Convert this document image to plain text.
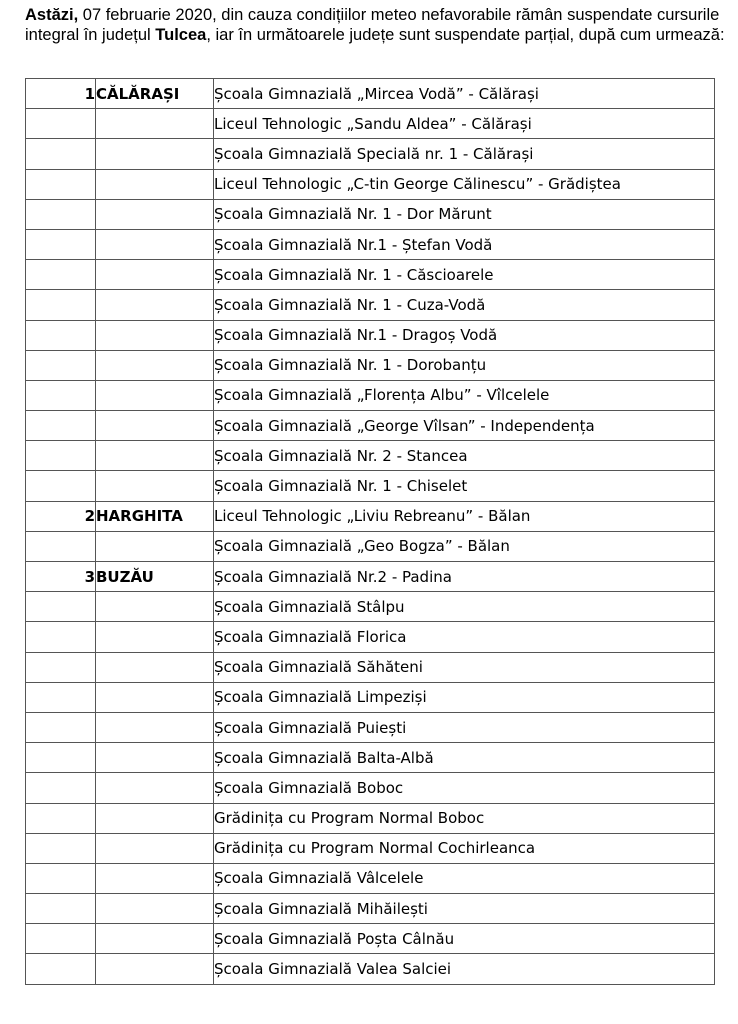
Astăzi, 07 februarie 2020, din cauza condițiilor meteo nefavorabile rămân suspendate cursurile integral în județul Tulcea, iar în următoarele județe sunt suspendate parțial, după cum urmează:

1	CĂLĂRAȘI	Școala Gimnazială „Mircea Vodă” - Călărași
		Liceul Tehnologic „Sandu Aldea” - Călărași
		Școala Gimnazială Specială nr. 1 - Călărași
		Liceul Tehnologic „C-tin George Călinescu” - Grădiștea
		Școala Gimnazială Nr. 1 - Dor Mărunt
		Școala Gimnazială Nr.1 - Ștefan Vodă
		Școala Gimnazială Nr. 1 - Căscioarele
		Școala Gimnazială Nr. 1 - Cuza-Vodă
		Școala Gimnazială Nr.1 - Dragoș Vodă
		Școala Gimnazială Nr. 1 - Dorobanțu
		Școala Gimnazială „Florența Albu” - Vîlcelele
		Școala Gimnazială „George Vîlsan” - Independența
		Școala Gimnazială Nr. 2 - Stancea
		Școala Gimnazială Nr. 1 - Chiselet
2	HARGHITA	Liceul Tehnologic „Liviu Rebreanu” - Bălan
		Școala Gimnazială „Geo Bogza” - Bălan
3	BUZĂU	Școala Gimnazială Nr.2 - Padina
		Școala Gimnazială Stâlpu
		Școala Gimnazială Florica
		Școala Gimnazială Săhăteni
		Școala Gimnazială Limpeziși
		Școala Gimnazială Puiești
		Școala Gimnazială Balta-Albă
		Școala Gimnazială Boboc
		Grădinița cu Program Normal Boboc
		Grădinița cu Program Normal Cochirleanca
		Școala Gimnazială Vâlcelele
		Școala Gimnazială Mihăilești
		Școala Gimnazială Poșta Câlnău
		Școala Gimnazială Valea Salciei
